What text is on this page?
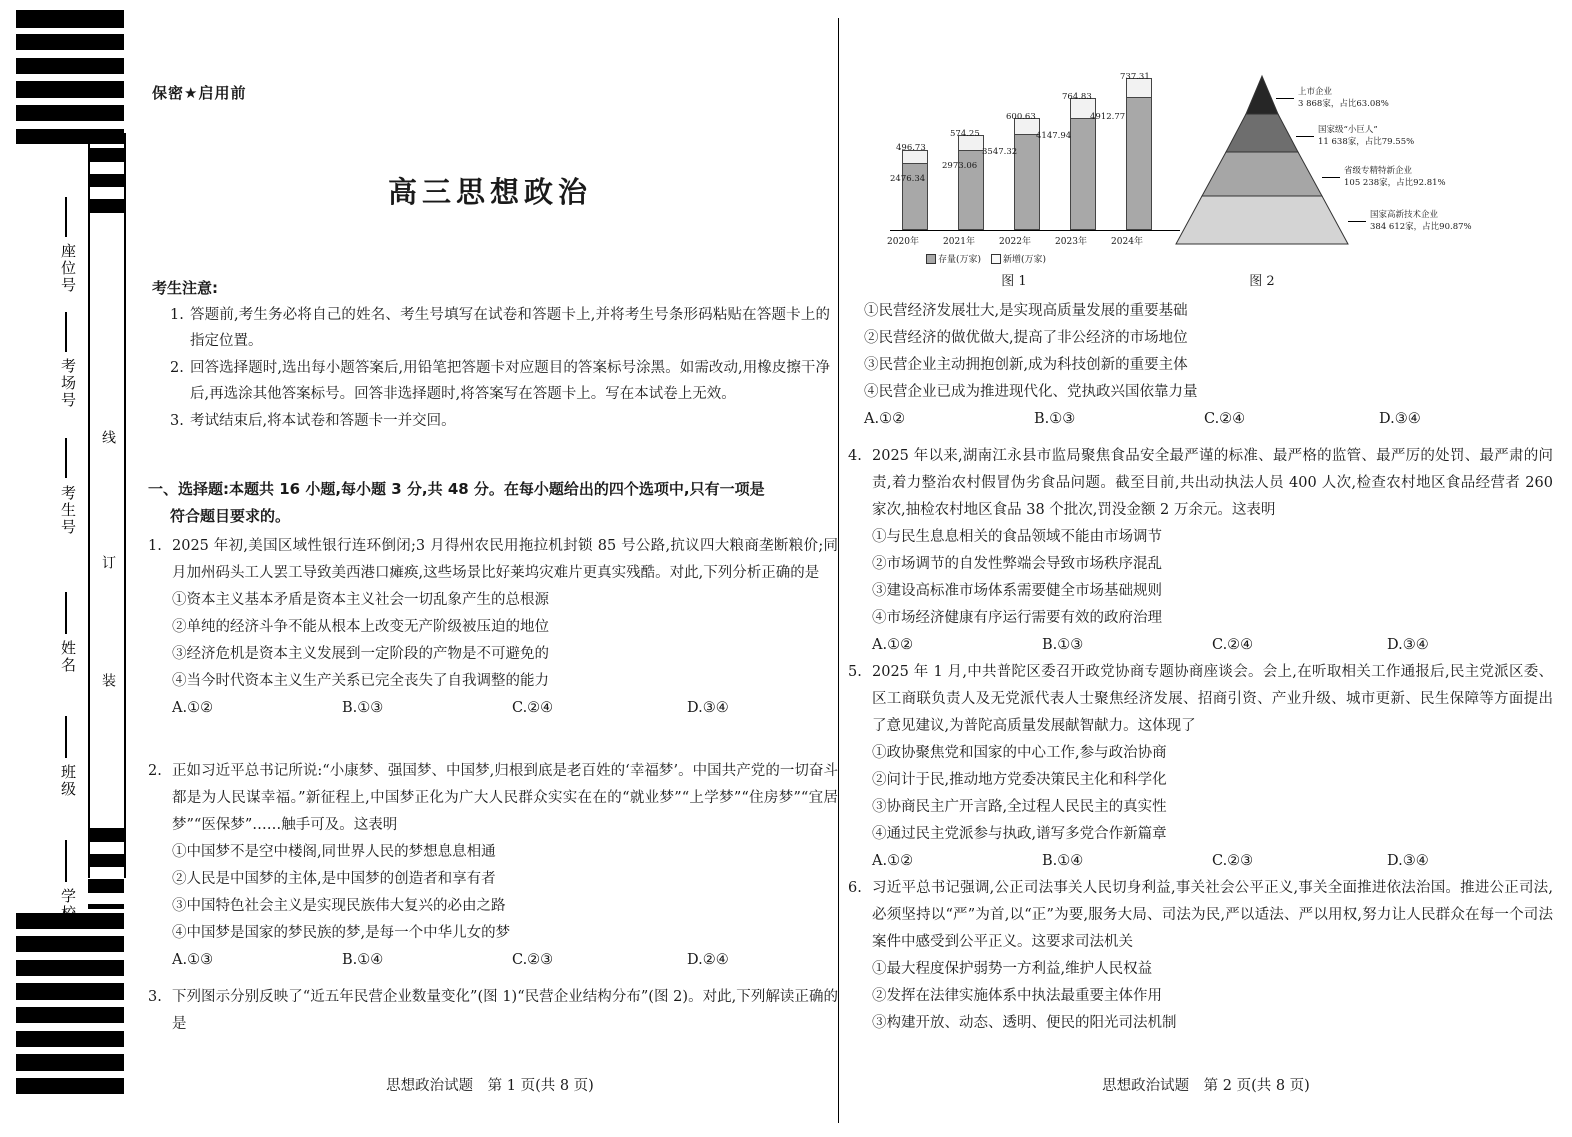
线
订
装
座位号
考场号
考生号
姓名
班级
学校
保密★启用前
高三思想政治
考生注意:
1. 答题前,考生务必将自己的姓名、考生号填写在试卷和答题卡上,并将考生号条形码粘贴在答题卡上的指定位置。
2. 回答选择题时,选出每小题答案后,用铅笔把答题卡对应题目的答案标号涂黑。如需改动,用橡皮擦干净后,再选涂其他答案标号。回答非选择题时,将答案写在答题卡上。写在本试卷上无效。
3. 考试结束后,将本试卷和答题卡一并交回。
一、选择题:本题共 16 小题,每小题 3 分,共 48 分。在每小题给出的四个选项中,只有一项是
符合题目要求的。
1. 2025 年初,美国区域性银行连环倒闭;3 月得州农民用拖拉机封锁 85 号公路,抗议四大粮商垄断粮价;同月加州码头工人罢工导致美西港口瘫痪,这些场景比好莱坞灾难片更真实残酷。对此,下列分析正确的是
①资本主义基本矛盾是资本主义社会一切乱象产生的总根源
②单纯的经济斗争不能从根本上改变无产阶级被压迫的地位
③经济危机是资本主义发展到一定阶段的产物是不可避免的
④当今时代资本主义生产关系已完全丧失了自我调整的能力
A.①②	B.①③	C.②④	D.③④
2. 正如习近平总书记所说:“小康梦、强国梦、中国梦,归根到底是老百姓的‘幸福梦’。中国共产党的一切奋斗都是为人民谋幸福。”新征程上,中国梦正化为广大人民群众实实在在的“就业梦”“上学梦”“住房梦”“宜居梦”“医保梦”……触手可及。这表明
①中国梦不是空中楼阁,同世界人民的梦想息息相通
②人民是中国梦的主体,是中国梦的创造者和享有者
③中国特色社会主义是实现民族伟大复兴的必由之路
④中国梦是国家的梦民族的梦,是每一个中华儿女的梦
A.①③	B.①④	C.②③	D.②④
3. 下列图示分别反映了“近五年民营企业数量变化”(图 1)“民营企业结构分布”(图 2)。对此,下列解读正确的是
思想政治试题　第 1 页(共 8 页)
496.73
2476.34
574.25
2973.06
600.63
3547.32
764.83
4147.94
737.31
4912.77
2020年	2021年	2022年	2023年	2024年
存量(万家) 新增(万家)
图 1
上市企业
3 868家，占比63.08%
国家级“小巨人”
11 638家，占比79.55%
省级专精特新企业
105 238家，占比92.81%
国家高新技术企业
384 612家，占比90.87%
图 2
①民营经济发展壮大,是实现高质量发展的重要基础
②民营经济的做优做大,提高了非公经济的市场地位
③民营企业主动拥抱创新,成为科技创新的重要主体
④民营企业已成为推进现代化、党执政兴国依靠力量
A.①②	B.①③	C.②④	D.③④
4. 2025 年以来,湖南江永县市监局聚焦食品安全最严谨的标准、最严格的监管、最严厉的处罚、最严肃的问责,着力整治农村假冒伪劣食品问题。截至目前,共出动执法人员 400 人次,检查农村地区食品经营者 260 家次,抽检农村地区食品 38 个批次,罚没金额 2 万余元。这表明
①与民生息息相关的食品领域不能由市场调节
②市场调节的自发性弊端会导致市场秩序混乱
③建设高标准市场体系需要健全市场基础规则
④市场经济健康有序运行需要有效的政府治理
A.①②	B.①③	C.②④	D.③④
5. 2025 年 1 月,中共普陀区委召开政党协商专题协商座谈会。会上,在听取相关工作通报后,民主党派区委、区工商联负责人及无党派代表人士聚焦经济发展、招商引资、产业升级、城市更新、民生保障等方面提出了意见建议,为普陀高质量发展献智献力。这体现了
①政协聚焦党和国家的中心工作,参与政治协商
②问计于民,推动地方党委决策民主化和科学化
③协商民主广开言路,全过程人民民主的真实性
④通过民主党派参与执政,谱写多党合作新篇章
A.①②	B.①④	C.②③	D.③④
6. 习近平总书记强调,公正司法事关人民切身利益,事关社会公平正义,事关全面推进依法治国。推进公正司法,必须坚持以“严”为首,以“正”为要,服务大局、司法为民,严以适法、严以用权,努力让人民群众在每一个司法案件中感受到公平正义。这要求司法机关
①最大程度保护弱势一方利益,维护人民权益
②发挥在法律实施体系中执法最重要主体作用
③构建开放、动态、透明、便民的阳光司法机制
思想政治试题　第 2 页(共 8 页)
